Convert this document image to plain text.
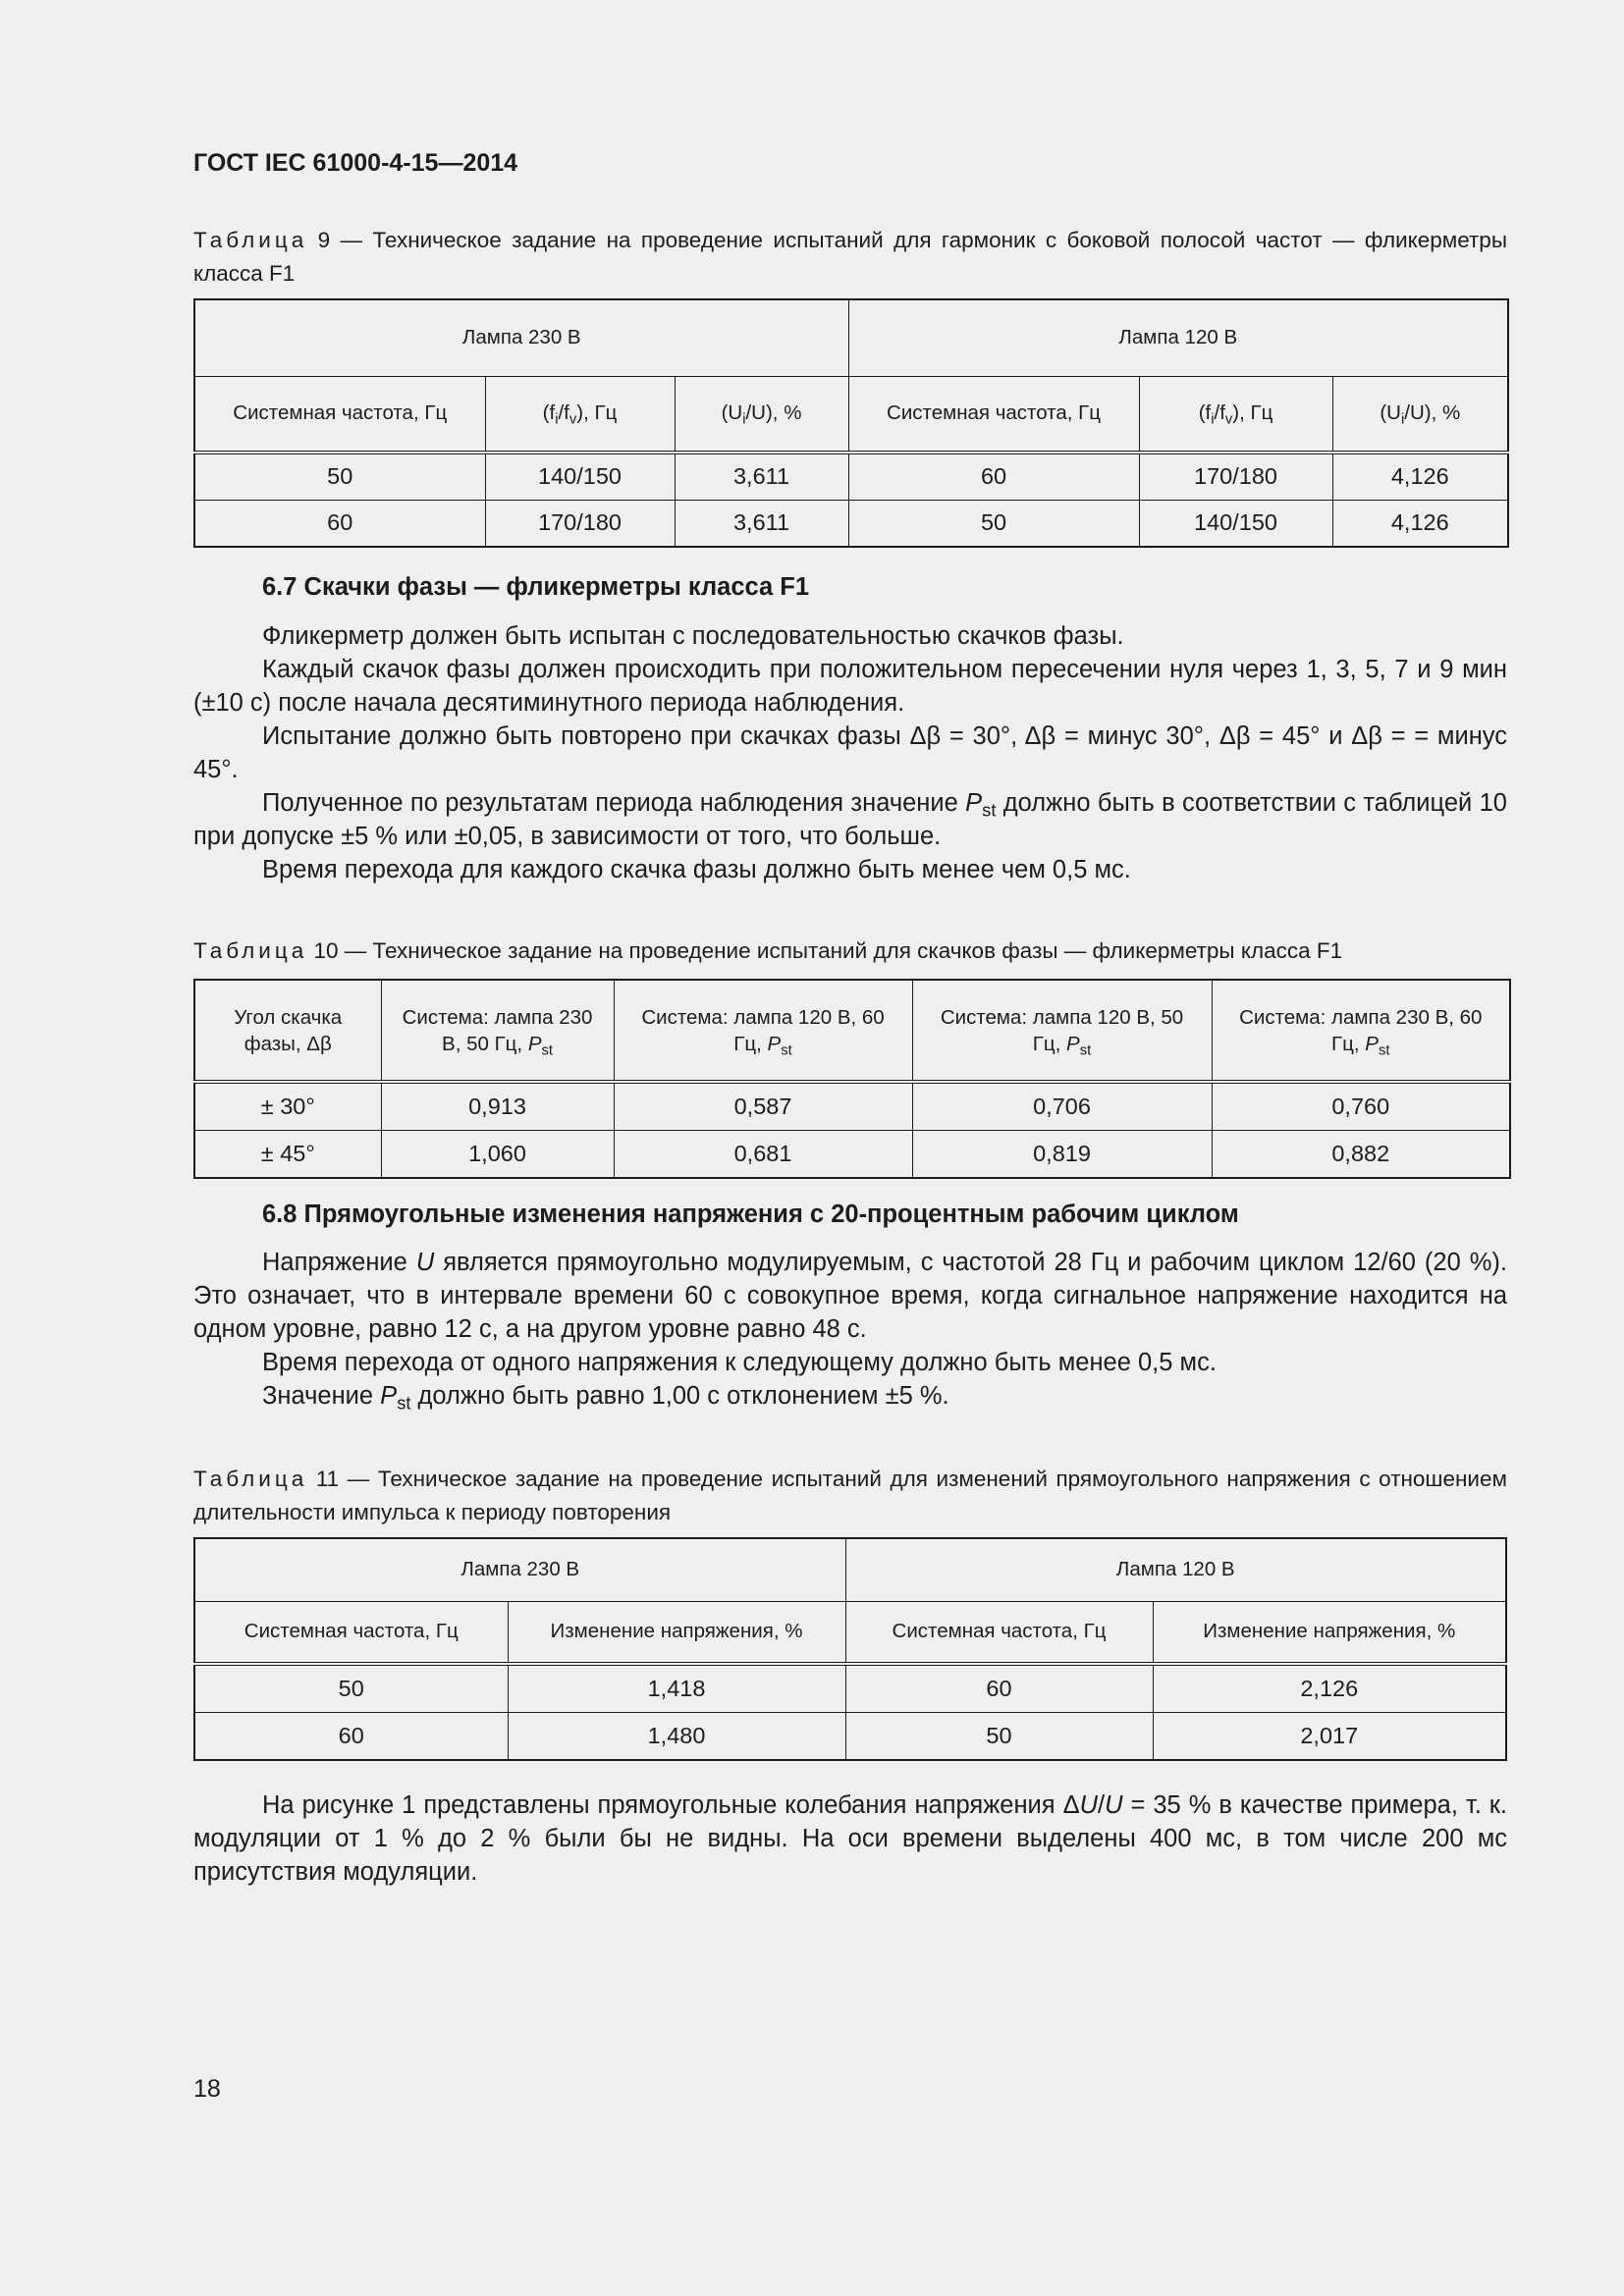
ГОСТ IEC 61000-4-15—2014
Таблица 9 — Техническое задание на проведение испытаний для гармоник с боковой полосой частот — фликерметры класса F1
Лампа 230 В			Лампа 120 В		
Системная частота, Гц	$(f_i/f_v)$, Гц	$(U_i/U)$, %	Системная частота, Гц	$(f_i/f_v)$, Гц	$(U_i/U)$, %
50	140/150	3,611	60	170/180	4,126
60	170/180	3,611	50	140/150	4,126
6.7 Скачки фазы — фликерметры класса F1

Фликерметр должен быть испытан с последовательностью скачков фазы.

Каждый скачок фазы должен происходить при положительном пересечении нуля через 1, 3, 5, 7 и 9 мин (±10 с) после начала десятиминутного периода наблюдения.

Испытание должно быть повторено при скачках фазы Δβ = 30°, Δβ = минус 30°, Δβ = 45° и Δβ = = минус 45°.

Полученное по результатам периода наблюдения значение $P_{st}$ должно быть в соответствии с таблицей 10 при допуске ±5 % или ±0,05, в зависимости от того, что больше.

Время перехода для каждого скачка фазы должно быть менее чем 0,5 мс.

Таблица 10 — Техническое задание на проведение испытаний для скачков фазы — фликерметры класса F1
Угол скачка фазы, Δβ	Система: лампа 230 В, 50 Гц, $P_{st}$	Система: лампа 120 В, 60 Гц, $P_{st}$	Система: лампа 120 В, 50 Гц, $P_{st}$	Система: лампа 230 В, 60 Гц, $P_{st}$
± 30°	0,913	0,587	0,706	0,760
± 45°	1,060	0,681	0,819	0,882
6.8 Прямоугольные изменения напряжения с 20-процентным рабочим циклом

Напряжение U является прямоугольно модулируемым, с частотой 28 Гц и рабочим циклом 12/60 (20 %). Это означает, что в интервале времени 60 с совокупное время, когда сигнальное напряжение находится на одном уровне, равно 12 с, а на другом уровне равно 48 с.

Время перехода от одного напряжения к следующему должно быть менее 0,5 мс.

Значение $P_{st}$ должно быть равно 1,00 с отклонением ±5 %.

Таблица 11 — Техническое задание на проведение испытаний для изменений прямоугольного напряжения с отношением длительности импульса к периоду повторения
Лампа 230 В		Лампа 120 В	
Системная частота, Гц	Изменение напряжения, %	Системная частота, Гц	Изменение напряжения, %
50	1,418	60	2,126
60	1,480	50	2,017

На рисунке 1 представлены прямоугольные колебания напряжения ΔU/U = 35 % в качестве примера, т. к. модуляции от 1 % до 2 % были бы не видны. На оси времени выделены 400 мс, в том числе 200 мс присутствия модуляции.

18
